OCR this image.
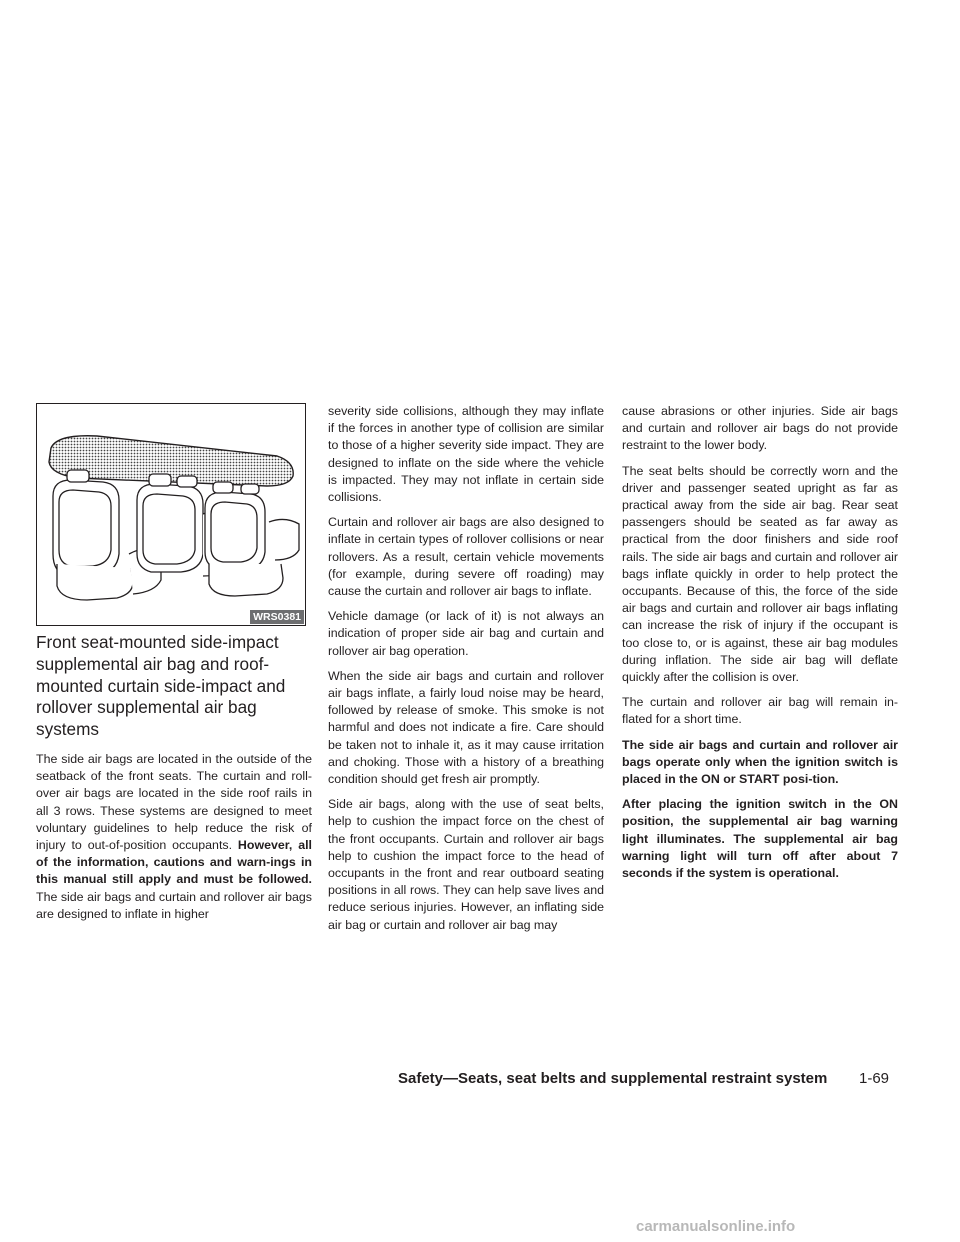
WRS0381
Front seat-mounted side-impact
supplemental air bag and roof-
mounted curtain side-impact and
rollover supplemental air bag systems

The side air bags are located in the outside of the seatback of the front seats. The curtain and roll-over air bags are located in the side roof rails in all 3 rows. These systems are designed to meet voluntary guidelines to help reduce the risk of injury to out-of-position occupants. However, all of the information, cautions and warn-ings in this manual still apply and must be followed. The side air bags and curtain and rollover air bags are designed to inflate in higher

severity side collisions, although they may inflate if the forces in another type of collision are similar to those of a higher severity side impact. They are designed to inflate on the side where the vehicle is impacted. They may not inflate in certain side collisions.

Curtain and rollover air bags are also designed to inflate in certain types of rollover collisions or near rollovers. As a result, certain vehicle movements (for example, during severe off roading) may cause the curtain and rollover air bags to inflate.

Vehicle damage (or lack of it) is not always an indication of proper side air bag and curtain and rollover air bag operation.

When the side air bags and curtain and rollover air bags inflate, a fairly loud noise may be heard, followed by release of smoke. This smoke is not harmful and does not indicate a fire. Care should be taken not to inhale it, as it may cause irritation and choking. Those with a history of a breathing condition should get fresh air promptly.

Side air bags, along with the use of seat belts, help to cushion the impact force on the chest of the front occupants. Curtain and rollover air bags help to cushion the impact force to the head of occupants in the front and rear outboard seating positions in all rows. They can help save lives and reduce serious injuries. However, an inflating side air bag or curtain and rollover air bag may

cause abrasions or other injuries. Side air bags and curtain and rollover air bags do not provide restraint to the lower body.

The seat belts should be correctly worn and the driver and passenger seated upright as far as practical away from the side air bag. Rear seat passengers should be seated as far away as practical from the door finishers and side roof rails. The side air bags and curtain and rollover air bags inflate quickly in order to help protect the occupants. Because of this, the force of the side air bags and curtain and rollover air bags inflating can increase the risk of injury if the occupant is too close to, or is against, these air bag modules during inflation. The side air bag will deflate quickly after the collision is over.

The curtain and rollover air bag will remain in-flated for a short time.

The side air bags and curtain and rollover air bags operate only when the ignition switch is placed in the ON or START posi-tion.

After placing the ignition switch in the ON position, the supplemental air bag warning light illuminates. The supplemental air bag warning light will turn off after about 7 seconds if the system is operational.

Safety—Seats, seat belts and supplemental restraint system 1-69
carmanualsonline.info
